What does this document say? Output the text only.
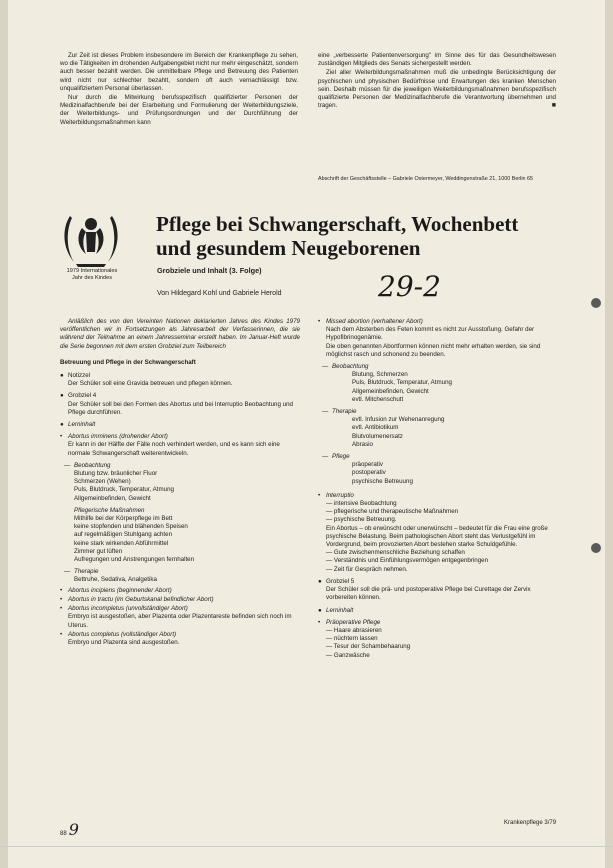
Zur Zeit ist dieses Problem insbesondere im Bereich der Krankenpflege zu sehen, wo die Tätigkeiten im drohenden Aufgabengebiet nicht nur mehr eingeschätzt, sondern auch besser bezahlt werden. Die unmittelbare Pflege und Betreuung des Patienten wird nicht nur schlechter bezahlt, sondern oft auch vernachlässigt bzw. unqualifiziertem Personal überlassen.

Nur durch die Mitwirkung berufsspezifisch qualifizierter Personen der Medizinalfachberufe bei der Erarbeitung und Formulierung der Weiterbildungsziele, der Weiterbildungs- und Prüfungsordnungen und der Durchführung der Weiterbildungsmaßnahmen kann

eine „verbesserte Patientenversorgung" im Sinne des für das Gesundheitswesen zuständigen Mitglieds des Senats sichergestellt werden.

Ziel aller Weiterbildungsmaßnahmen muß die unbedingte Berücksichtigung der psychischen und physischen Bedürfnisse und Erwartungen des kranken Menschen sein. Deshalb müssen für die jeweiligen Weiterbildungsmaßnahmen berufsspezifisch qualifizierte Personen der Medizinalfachberufe die Verantwortung übernehmen und tragen.	■
Abschrift der Geschäftsstelle – Gabriele Ostermeyer, Weddingenstraße 21, 1000 Berlin 65
1979 Internationales
Jahr des Kindes
Pflege bei Schwangerschaft, Wochenbett
und gesundem Neugeborenen
Grobziele und Inhalt (3. Folge)
Von Hildegard Kohl und Gabriele Herold	29-2

Anläßlich des von den Vereinten Nationen deklarierten Jahres des Kindes 1979 veröffentlichen wir in Fortsetzungen als Jahresarbeit der Verfasserinnen, die sie während der Teilnahme an einem Jahresseminar erstellt haben. Im Januar-Heft wurde die Serie begonnen mit dem ersten Grobziel zum Teilbereich

Betreuung und Pflege in der Schwangerschaft
● Notizzel
Der Schüler soll eine Gravida betreuen und pflegen können.
● Grobziel 4
Der Schüler soll bei den Formen des Abortus und bei Interruptio Beobachtung und Pflege durchführen.
● Lerninhalt
• Abortus imminens (drohender Abort)
Er kann in der Hälfte der Fälle noch verhindert werden, und es kann sich eine normale Schwangerschaft weiterentwickeln.
— Beobachtung
Blutung bzw. bräunlicher Fluor
Schmerzen (Wehen)
Puls, Blutdruck, Temperatur, Atmung
Allgemeinbefinden, Gewicht
Pflegerische Maßnahmen
Mithilfe bei der Körperpflege im Bett
keine stopfenden und blähenden Speisen
auf regelmäßigen Stuhlgang achten
keine stark wirkenden Abführmittel
Zimmer gut lüften
Aufregungen und Anstrengungen fernhalten
— Therapie
Bettruhe, Sedativa, Analgetika
• Abortus incipiens (beginnender Abort)
• Abortus in tractu (im Geburtskanal befindlicher Abort)
• Abortus incompletus (unvollständiger Abort)
Embryo ist ausgestoßen, aber Plazenta oder Plazentareste befinden sich noch im Uterus.
• Abortus completus (vollständiger Abort)
Embryo und Plazenta sind ausgestoßen.
• Missed abortion (verhaltener Abort)
Nach dem Absterben des Feten kommt es nicht zur Ausstoßung. Gefahr der Hypofibrinogenämie.
Die oben genannten Abortformen können nicht mehr erhalten werden, sie sind möglichst rasch und schonend zu beenden.
— Beobachtung
Blutung, Schmerzen
Puls, Blutdruck, Temperatur, Atmung
Allgemeinbefinden, Gewicht
evtl. Mitchenschutt
— Therapie
evtl. Infusion zur Wehenanregung
evtl. Antibiotikum
Blutvolumenersatz
Abrasio
— Pflege
präoperativ
postoperativ
psychische Betreuung
• Interruptio
— intensive Beobachtung
— pflegerische und therapeutische Maßnahmen
— psychische Betreuung.
Ein Abortus – ob erwünscht oder unerwünscht – bedeutet für die Frau eine große psychische Belastung. Beim pathologischen Abort steht das Verlustgefühl im Vordergrund, beim provozierten Abort bestehen starke Schuldgefühle.
— Gute zwischenmenschliche Beziehung schaffen
— Verständnis und Einfühlungsvermögen entgegenbringen
— Zeit für Gespräch nehmen.
● Grobziel 5
Der Schüler soll die prä- und postoperative Pflege bei Curettage der Zervix vorbereiten können.
● Lerninhalt
• Präoperative Pflege
— Haare abrasieren
— nüchtern lassen
— Tesur der Schambehaarung
— Ganzwäsche
88 9	Krankenpflege 3/79
